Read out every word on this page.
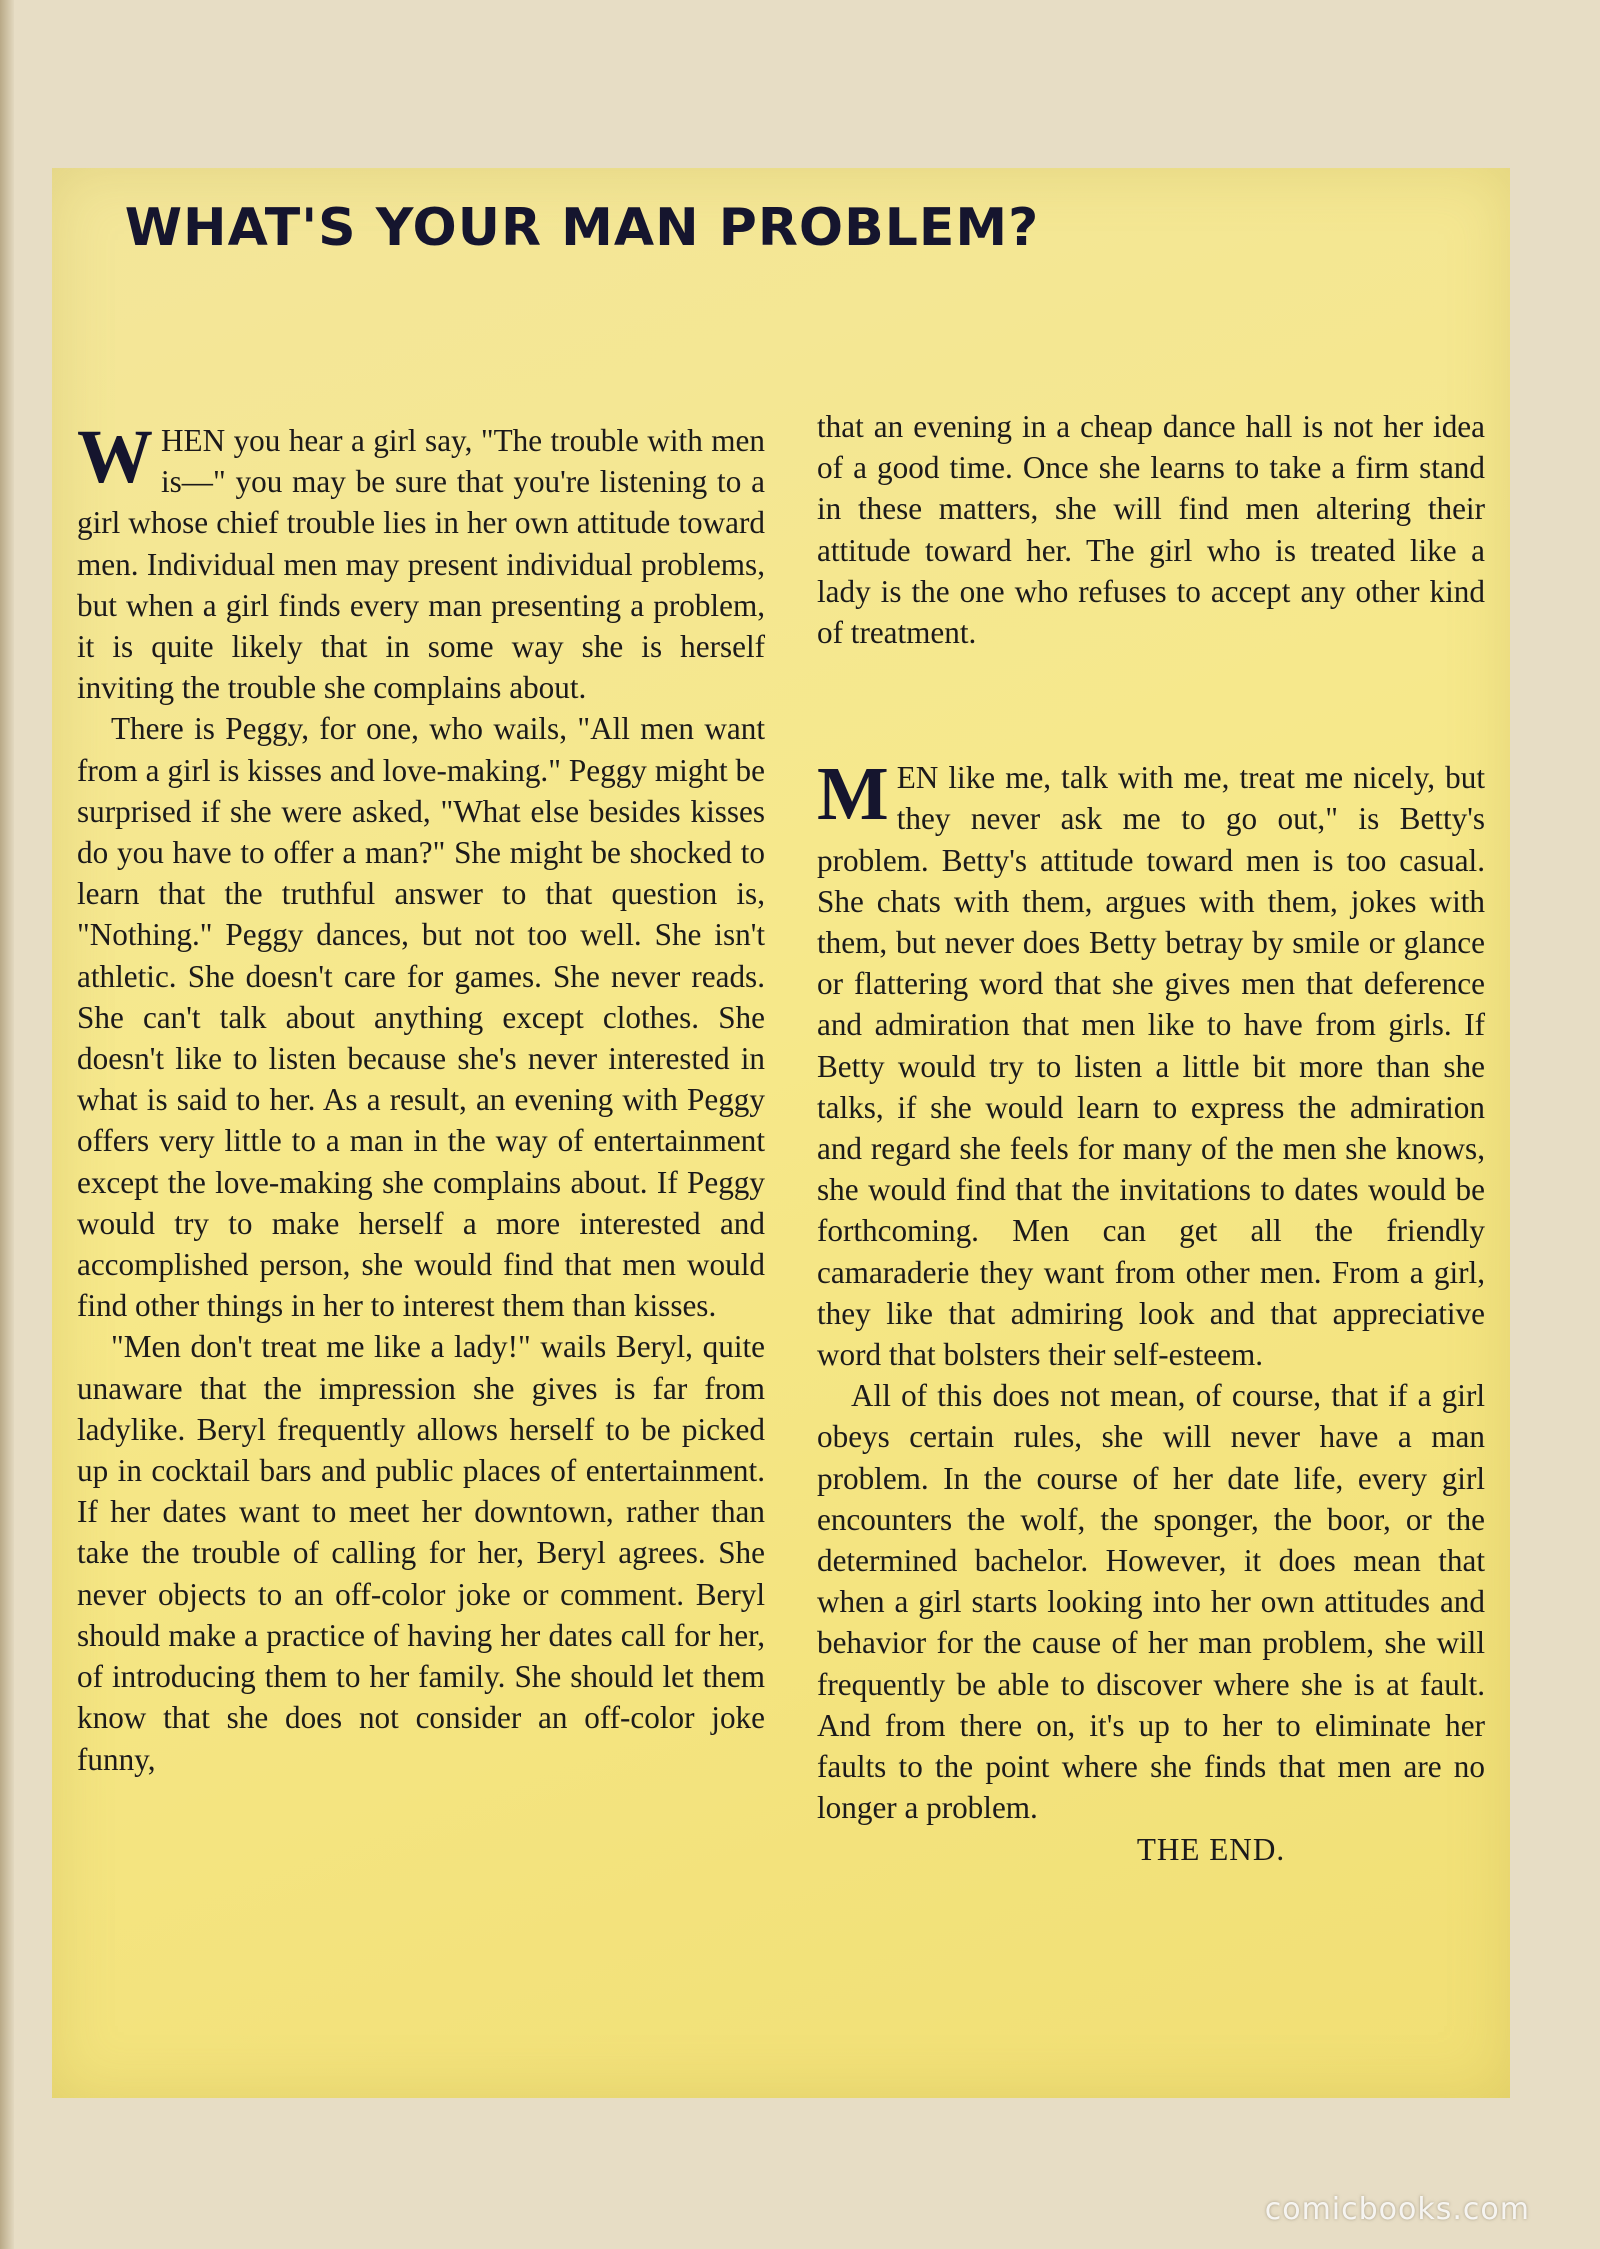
WHAT'S YOUR MAN PROBLEM?

WHEN you hear a girl say, "The trouble with men is—" you may be sure that you're listening to a girl whose chief trouble lies in her own attitude toward men. Individual men may present individual problems, but when a girl finds every man presenting a problem, it is quite likely that in some way she is herself inviting the trouble she complains about.

There is Peggy, for one, who wails, "All men want from a girl is kisses and love-making." Peggy might be surprised if she were asked, "What else besides kisses do you have to offer a man?" She might be shocked to learn that the truthful answer to that question is, "Nothing." Peggy dances, but not too well. She isn't athletic. She doesn't care for games. She never reads. She can't talk about anything except clothes. She doesn't like to listen because she's never interested in what is said to her. As a result, an evening with Peggy offers very little to a man in the way of entertainment except the love-making she complains about. If Peggy would try to make herself a more interested and accomplished person, she would find that men would find other things in her to interest them than kisses.

"Men don't treat me like a lady!" wails Beryl, quite unaware that the impression she gives is far from ladylike. Beryl frequently allows herself to be picked up in cocktail bars and public places of entertainment. If her dates want to meet her downtown, rather than take the trouble of calling for her, Beryl agrees. She never objects to an off-color joke or comment. Beryl should make a practice of having her dates call for her, of introducing them to her family. She should let them know that she does not consider an off-color joke funny,

that an evening in a cheap dance hall is not her idea of a good time. Once she learns to take a firm stand in these matters, she will find men altering their attitude toward her. The girl who is treated like a lady is the one who refuses to accept any other kind of treatment.

MEN like me, talk with me, treat me nicely, but they never ask me to go out," is Betty's problem. Betty's attitude toward men is too casual. She chats with them, argues with them, jokes with them, but never does Betty betray by smile or glance or flattering word that she gives men that deference and admiration that men like to have from girls. If Betty would try to listen a little bit more than she talks, if she would learn to express the admiration and regard she feels for many of the men she knows, she would find that the invitations to dates would be forthcoming. Men can get all the friendly camaraderie they want from other men. From a girl, they like that admiring look and that appreciative word that bolsters their self-esteem.

All of this does not mean, of course, that if a girl obeys certain rules, she will never have a man problem. In the course of her date life, every girl encounters the wolf, the sponger, the boor, or the determined bachelor. However, it does mean that when a girl starts looking into her own attitudes and behavior for the cause of her man problem, she will frequently be able to discover where she is at fault. And from there on, it's up to her to eliminate her faults to the point where she finds that men are no longer a problem.

THE END.

comicbooks.com
